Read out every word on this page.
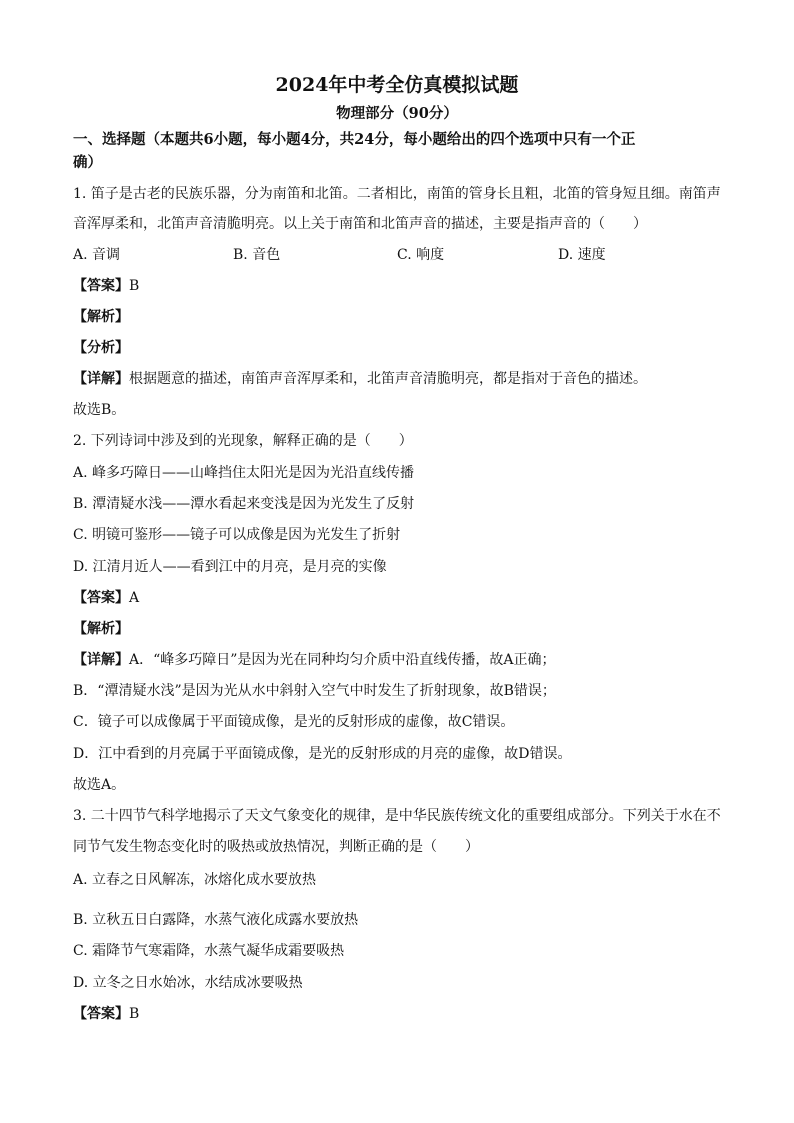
2024年中考全仿真模拟试题
物理部分（90分）
一、选择题（本题共6小题，每小题4分，共24分，每小题给出的四个选项中只有一个正
确）
1. 笛子是古老的民族乐器，分为南笛和北笛。二者相比，南笛的管身长且粗，北笛的管身短且细。南笛声
音浑厚柔和，北笛声音清脆明亮。以上关于南笛和北笛声音的描述，主要是指声音的（　　）
A. 音调	B. 音色	C. 响度	D. 速度
【答案】B
【解析】
【分析】
【详解】根据题意的描述，南笛声音浑厚柔和，北笛声音清脆明亮，都是指对于音色的描述。
故选B。
2. 下列诗词中涉及到的光现象，解释正确的是（　　）
A. 峰多巧障日——山峰挡住太阳光是因为光沿直线传播
B. 潭清疑水浅——潭水看起来变浅是因为光发生了反射
C. 明镜可鉴形——镜子可以成像是因为光发生了折射
D. 江清月近人——看到江中的月亮，是月亮的实像
【答案】A
【解析】
【详解】A．“峰多巧障日”是因为光在同种均匀介质中沿直线传播，故A正确；
B．“潭清疑水浅”是因为光从水中斜射入空气中时发生了折射现象，故B错误；
C．镜子可以成像属于平面镜成像，是光的反射形成的虚像，故C错误。
D．江中看到的月亮属于平面镜成像，是光的反射形成的月亮的虚像，故D错误。
故选A。
3. 二十四节气科学地揭示了天文气象变化的规律，是中华民族传统文化的重要组成部分。下列关于水在不
同节气发生物态变化时的吸热或放热情况，判断正确的是（　　）
A. 立春之日风解冻，冰熔化成水要放热
B. 立秋五日白露降，水蒸气液化成露水要放热
C. 霜降节气寒霜降，水蒸气凝华成霜要吸热
D. 立冬之日水始冰，水结成冰要吸热
【答案】B
